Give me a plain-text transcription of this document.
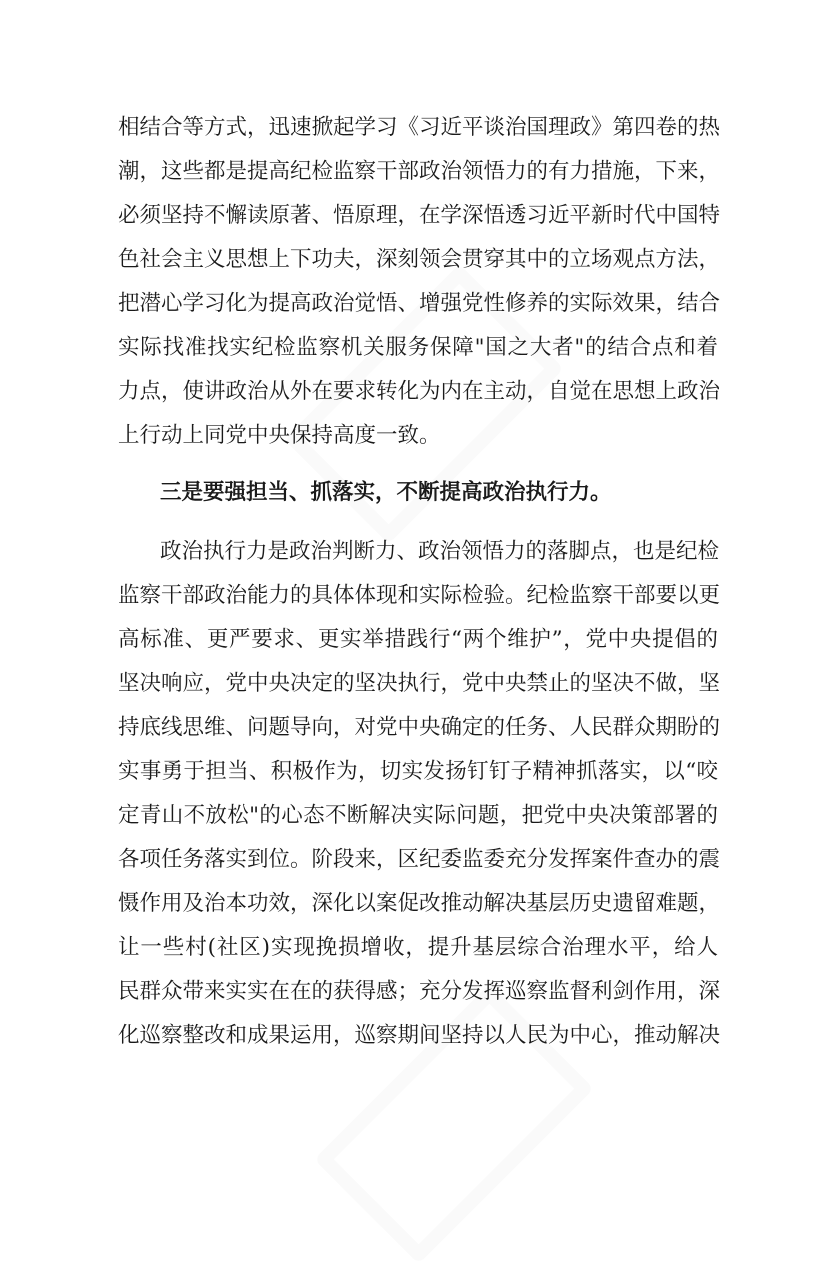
相结合等方式，迅速掀起学习《习近平谈治国理政》第四卷的热
潮，这些都是提高纪检监察干部政治领悟力的有力措施，下来，
必须坚持不懈读原著、悟原理，在学深悟透习近平新时代中国特
色社会主义思想上下功夫，深刻领会贯穿其中的立场观点方法，
把潜心学习化为提高政治觉悟、增强党性修养的实际效果，结合
实际找准找实纪检监察机关服务保障"国之大者"的结合点和着
力点，使讲政治从外在要求转化为内在主动，自觉在思想上政治
上行动上同党中央保持高度一致。
三是要强担当、抓落实，不断提高政治执行力。
政治执行力是政治判断力、政治领悟力的落脚点，也是纪检
监察干部政治能力的具体体现和实际检验。纪检监察干部要以更
高标准、更严要求、更实举措践行“两个维护”，党中央提倡的
坚决响应，党中央决定的坚决执行，党中央禁止的坚决不做，坚
持底线思维、问题导向，对党中央确定的任务、人民群众期盼的
实事勇于担当、积极作为，切实发扬钉钉子精神抓落实，以“咬
定青山不放松"的心态不断解决实际问题，把党中央决策部署的
各项任务落实到位。阶段来，区纪委监委充分发挥案件查办的震
慑作用及治本功效，深化以案促改推动解决基层历史遗留难题，
让一些村(社区)实现挽损增收，提升基层综合治理水平，给人
民群众带来实实在在的获得感；充分发挥巡察监督利剑作用，深
化巡察整改和成果运用，巡察期间坚持以人民为中心，推动解决
